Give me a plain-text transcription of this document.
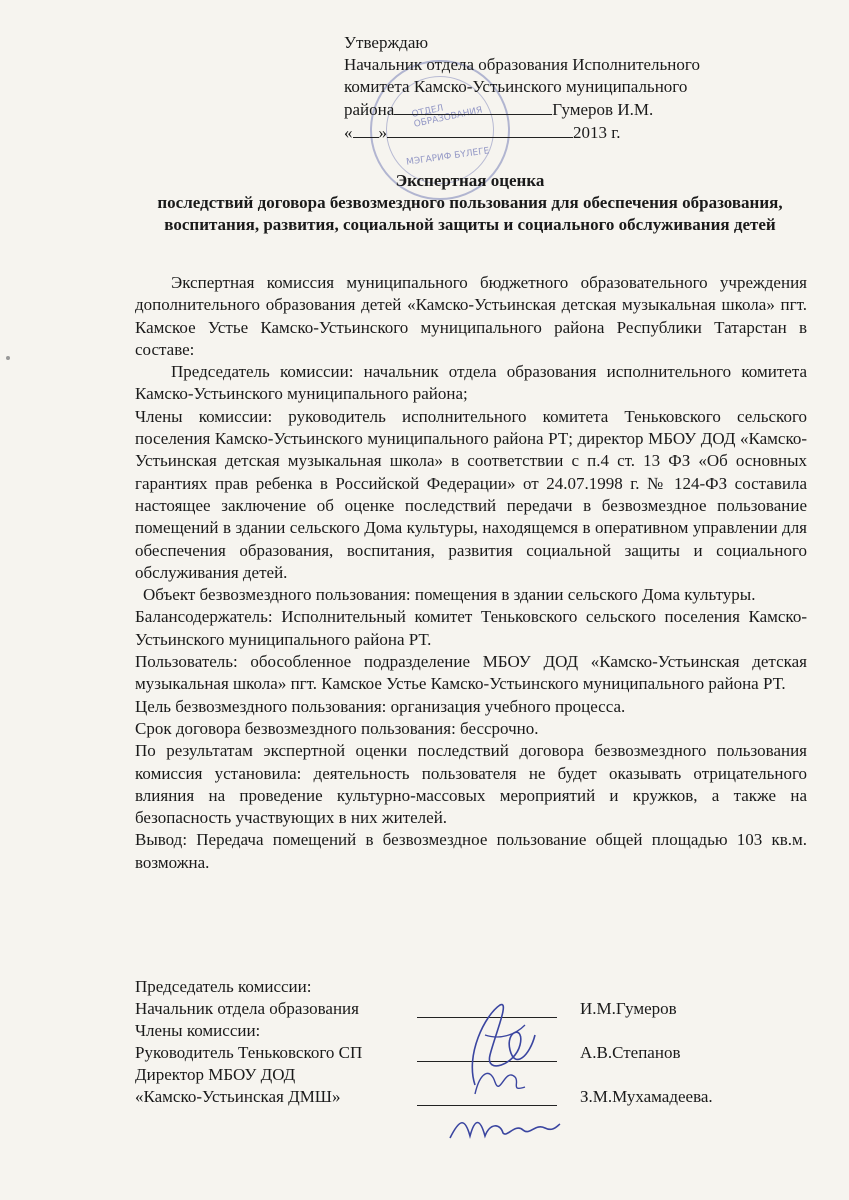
ОТДЕЛ ОБРАЗОВАНИЯ
МЭГАРИФ БҮЛЕГЕ
Утверждаю
Начальник отдела образования Исполнительного
комитета Камско-Устьинского муниципального
района	Гумеров И.М.
« »	2013 г.
Экспертная оценка
последствий договора безвозмездного пользования для обеспечения образования, воспитания, развития, социальной защиты и социального обслуживания детей

Экспертная комиссия муниципального бюджетного образовательного учреждения дополнительного образования детей «Камско-Устьинская детская музыкальная школа» пгт. Камское Устье Камско-Устьинского муниципального района Республики Татарстан в составе:

Председатель комиссии: начальник отдела образования исполнительного комитета Камско-Устьинского муниципального района;

Члены комиссии: руководитель исполнительного комитета Теньковского сельского поселения Камско-Устьинского муниципального района РТ; директор МБОУ ДОД «Камско-Устьинская детская музыкальная школа» в соответствии с п.4 ст. 13 ФЗ «Об основных гарантиях прав ребенка в Российской Федерации» от 24.07.1998 г. № 124-ФЗ составила настоящее заключение об оценке последствий передачи в безвозмездное пользование помещений в здании сельского Дома культуры, находящемся в оперативном управлении для обеспечения образования, воспитания, развития социальной защиты и социального обслуживания детей.

Объект безвозмездного пользования: помещения в здании сельского Дома культуры.

Балансодержатель: Исполнительный комитет Теньковского сельского поселения Камско-Устьинского муниципального района РТ.

Пользователь: обособленное подразделение МБОУ ДОД «Камско-Устьинская детская музыкальная школа» пгт. Камское Устье Камско-Устьинского муниципального района РТ.

Цель безвозмездного пользования: организация учебного процесса.

Срок договора безвозмездного пользования: бессрочно.

По результатам экспертной оценки последствий договора безвозмездного пользования комиссия установила: деятельность пользователя не будет оказывать отрицательного влияния на проведение культурно-массовых мероприятий и кружков, а также на безопасность участвующих в них жителей.

Вывод: Передача помещений в безвозмездное пользование общей площадью 103 кв.м. возможна.

Председатель комиссии:
Начальник отдела образования	И.М.Гумеров
Члены комиссии:
Руководитель Теньковского СП	А.В.Степанов
Директор МБОУ ДОД
«Камско-Устьинская ДМШ»	З.М.Мухамадеева.
